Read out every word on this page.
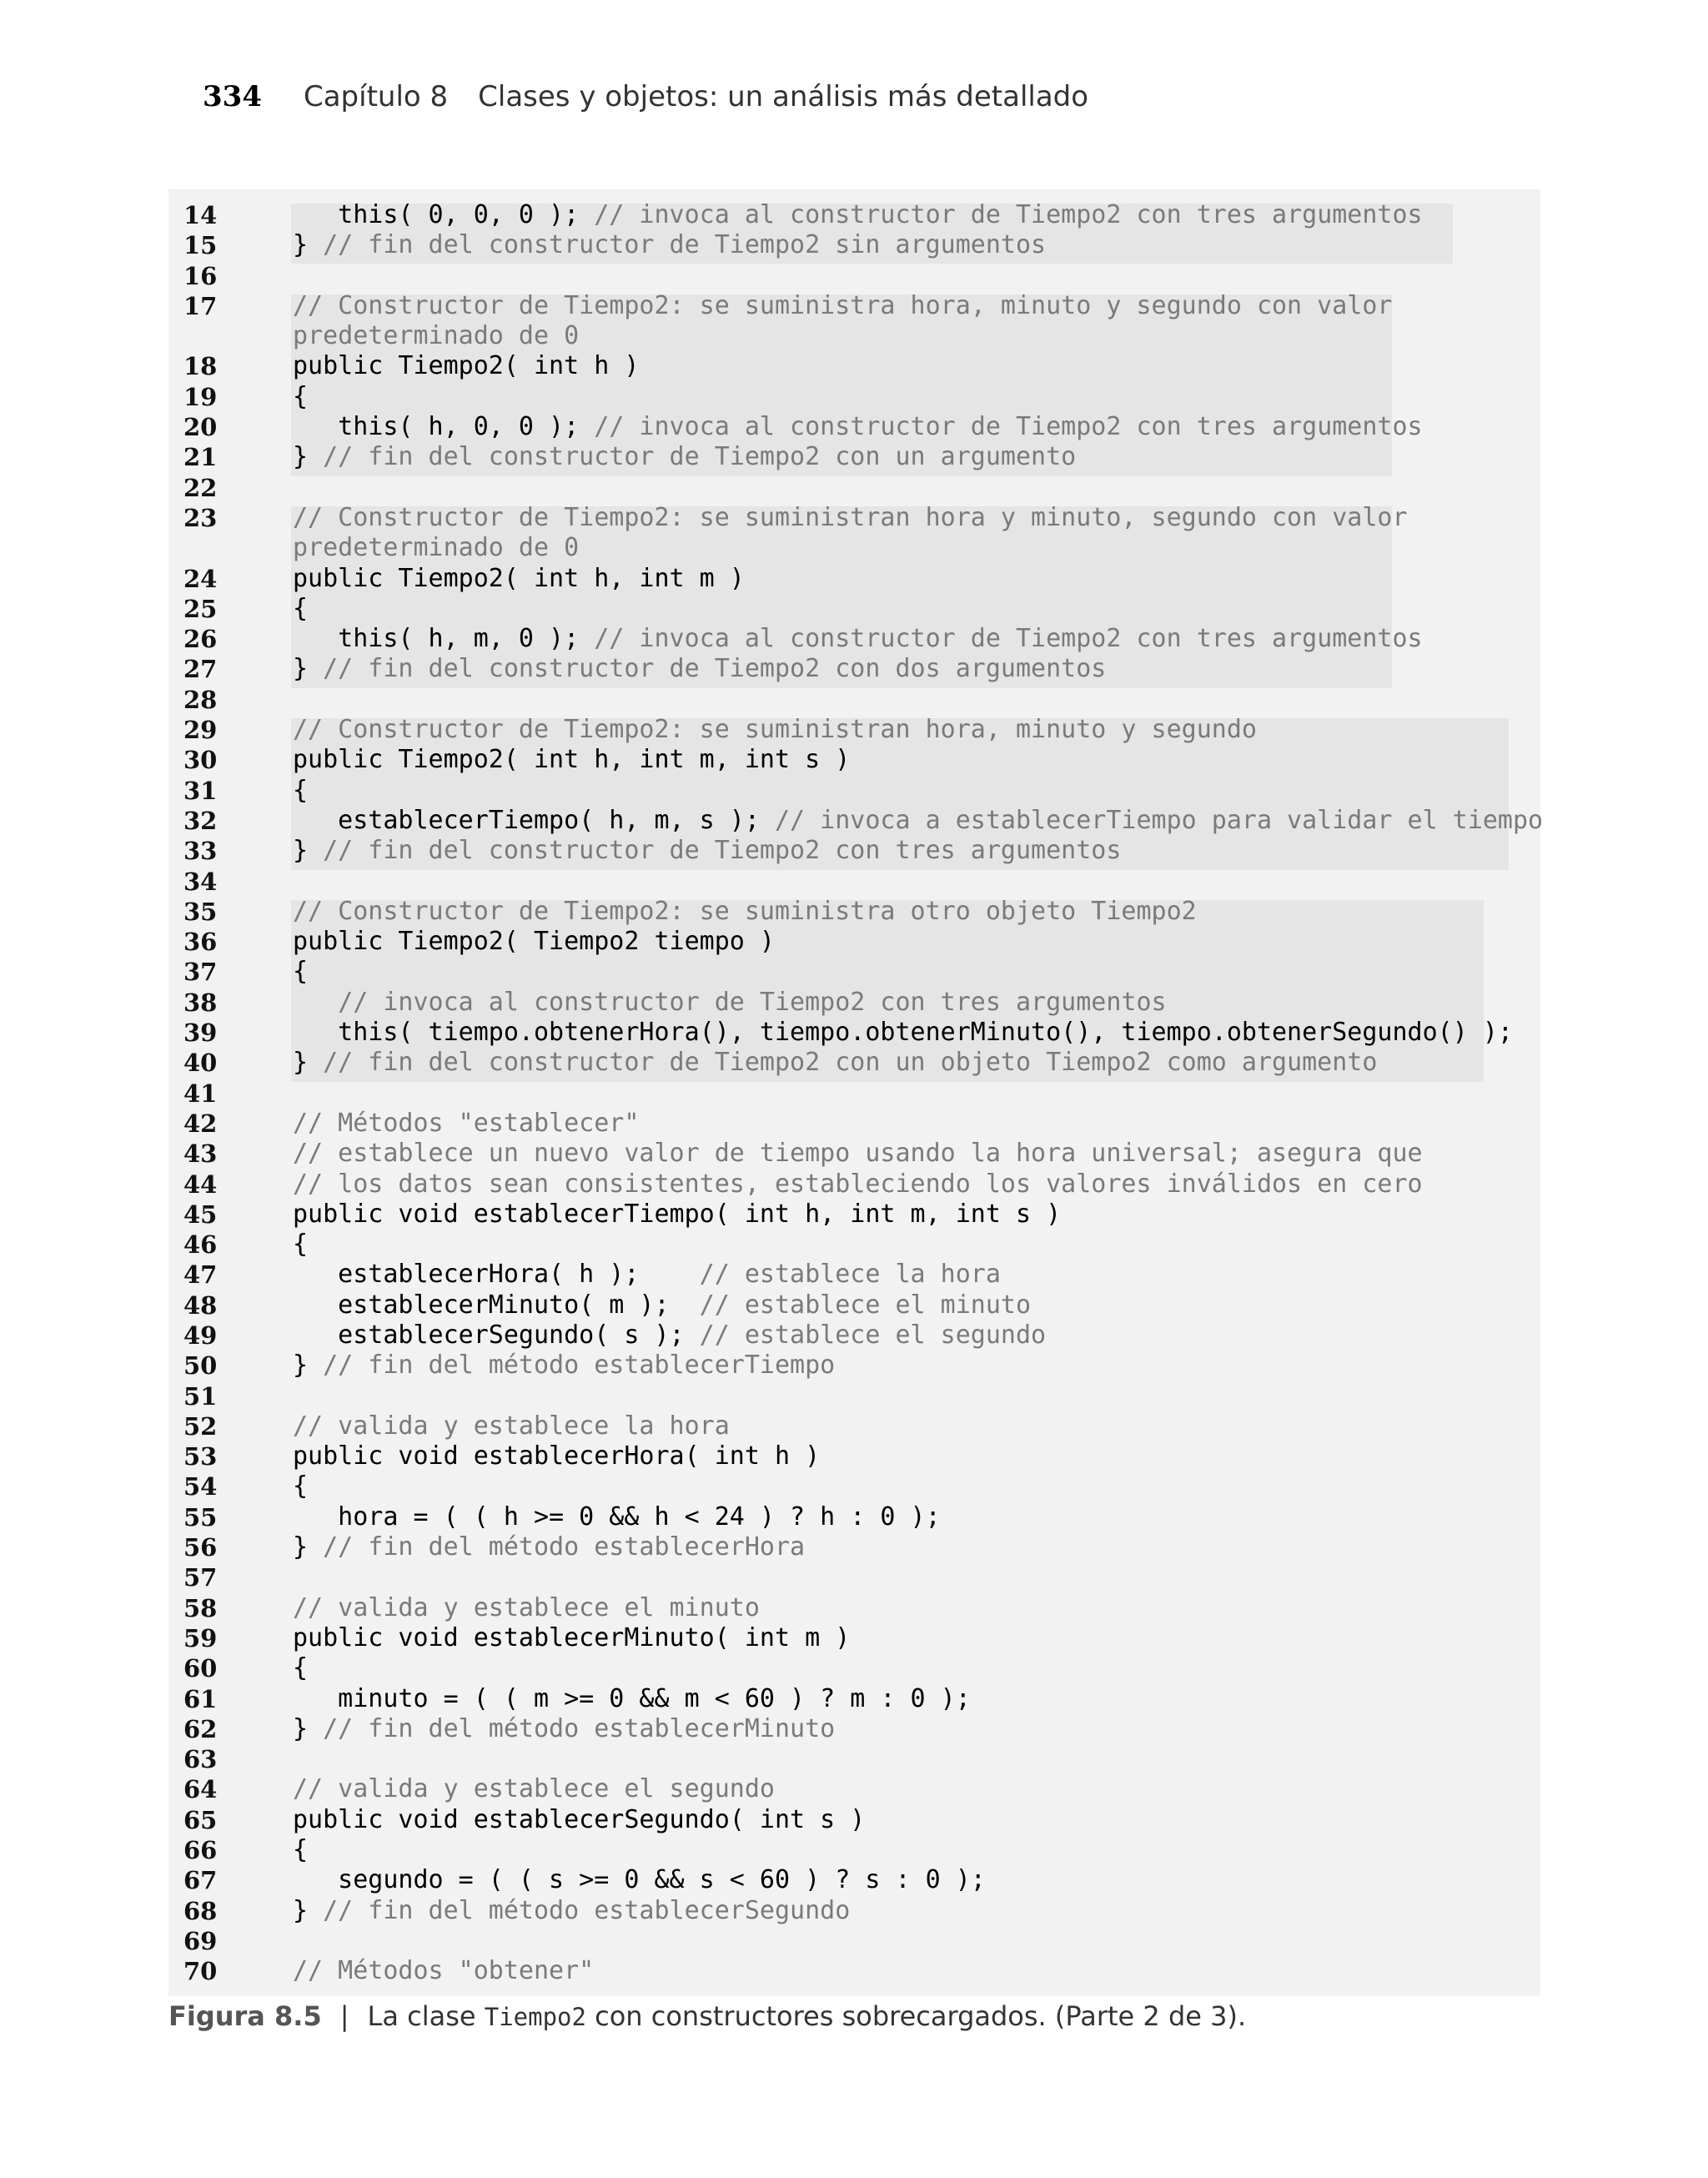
334 Capítulo 8 Clases y objetos: un análisis más detallado
14	this( 0, 0, 0 ); // invoca al constructor de Tiempo2 con tres argumentos
15	} // fin del constructor de Tiempo2 sin argumentos
16
17	// Constructor de Tiempo2: se suministra hora, minuto y segundo con valor
predeterminado de 0
18	public Tiempo2( int h )
19	{
20	this( h, 0, 0 ); // invoca al constructor de Tiempo2 con tres argumentos
21	} // fin del constructor de Tiempo2 con un argumento
22
23	// Constructor de Tiempo2: se suministran hora y minuto, segundo con valor
predeterminado de 0
24	public Tiempo2( int h, int m )
25	{
26	this( h, m, 0 ); // invoca al constructor de Tiempo2 con tres argumentos
27	} // fin del constructor de Tiempo2 con dos argumentos
28
29	// Constructor de Tiempo2: se suministran hora, minuto y segundo
30	public Tiempo2( int h, int m, int s )
31	{
32	establecerTiempo( h, m, s ); // invoca a establecerTiempo para validar el tiempo
33	} // fin del constructor de Tiempo2 con tres argumentos
34
35	// Constructor de Tiempo2: se suministra otro objeto Tiempo2
36	public Tiempo2( Tiempo2 tiempo )
37	{
38	// invoca al constructor de Tiempo2 con tres argumentos
39	this( tiempo.obtenerHora(), tiempo.obtenerMinuto(), tiempo.obtenerSegundo() );
40	} // fin del constructor de Tiempo2 con un objeto Tiempo2 como argumento
41
42	// Métodos "establecer"
43	// establece un nuevo valor de tiempo usando la hora universal; asegura que
44	// los datos sean consistentes, estableciendo los valores inválidos en cero
45	public void establecerTiempo( int h, int m, int s )
46	{
47	establecerHora( h );    // establece la hora
48	establecerMinuto( m );  // establece el minuto
49	establecerSegundo( s ); // establece el segundo
50	} // fin del método establecerTiempo
51
52	// valida y establece la hora
53	public void establecerHora( int h )
54	{
55	hora = ( ( h >= 0 && h < 24 ) ? h : 0 );
56	} // fin del método establecerHora
57
58	// valida y establece el minuto
59	public void establecerMinuto( int m )
60	{
61	minuto = ( ( m >= 0 && m < 60 ) ? m : 0 );
62	} // fin del método establecerMinuto
63
64	// valida y establece el segundo
65	public void establecerSegundo( int s )
66	{
67	segundo = ( ( s >= 0 && s < 60 ) ? s : 0 );
68	} // fin del método establecerSegundo
69
70	// Métodos "obtener"
Figura 8.5 | La clase Tiempo2 con constructores sobrecargados. (Parte 2 de 3).
